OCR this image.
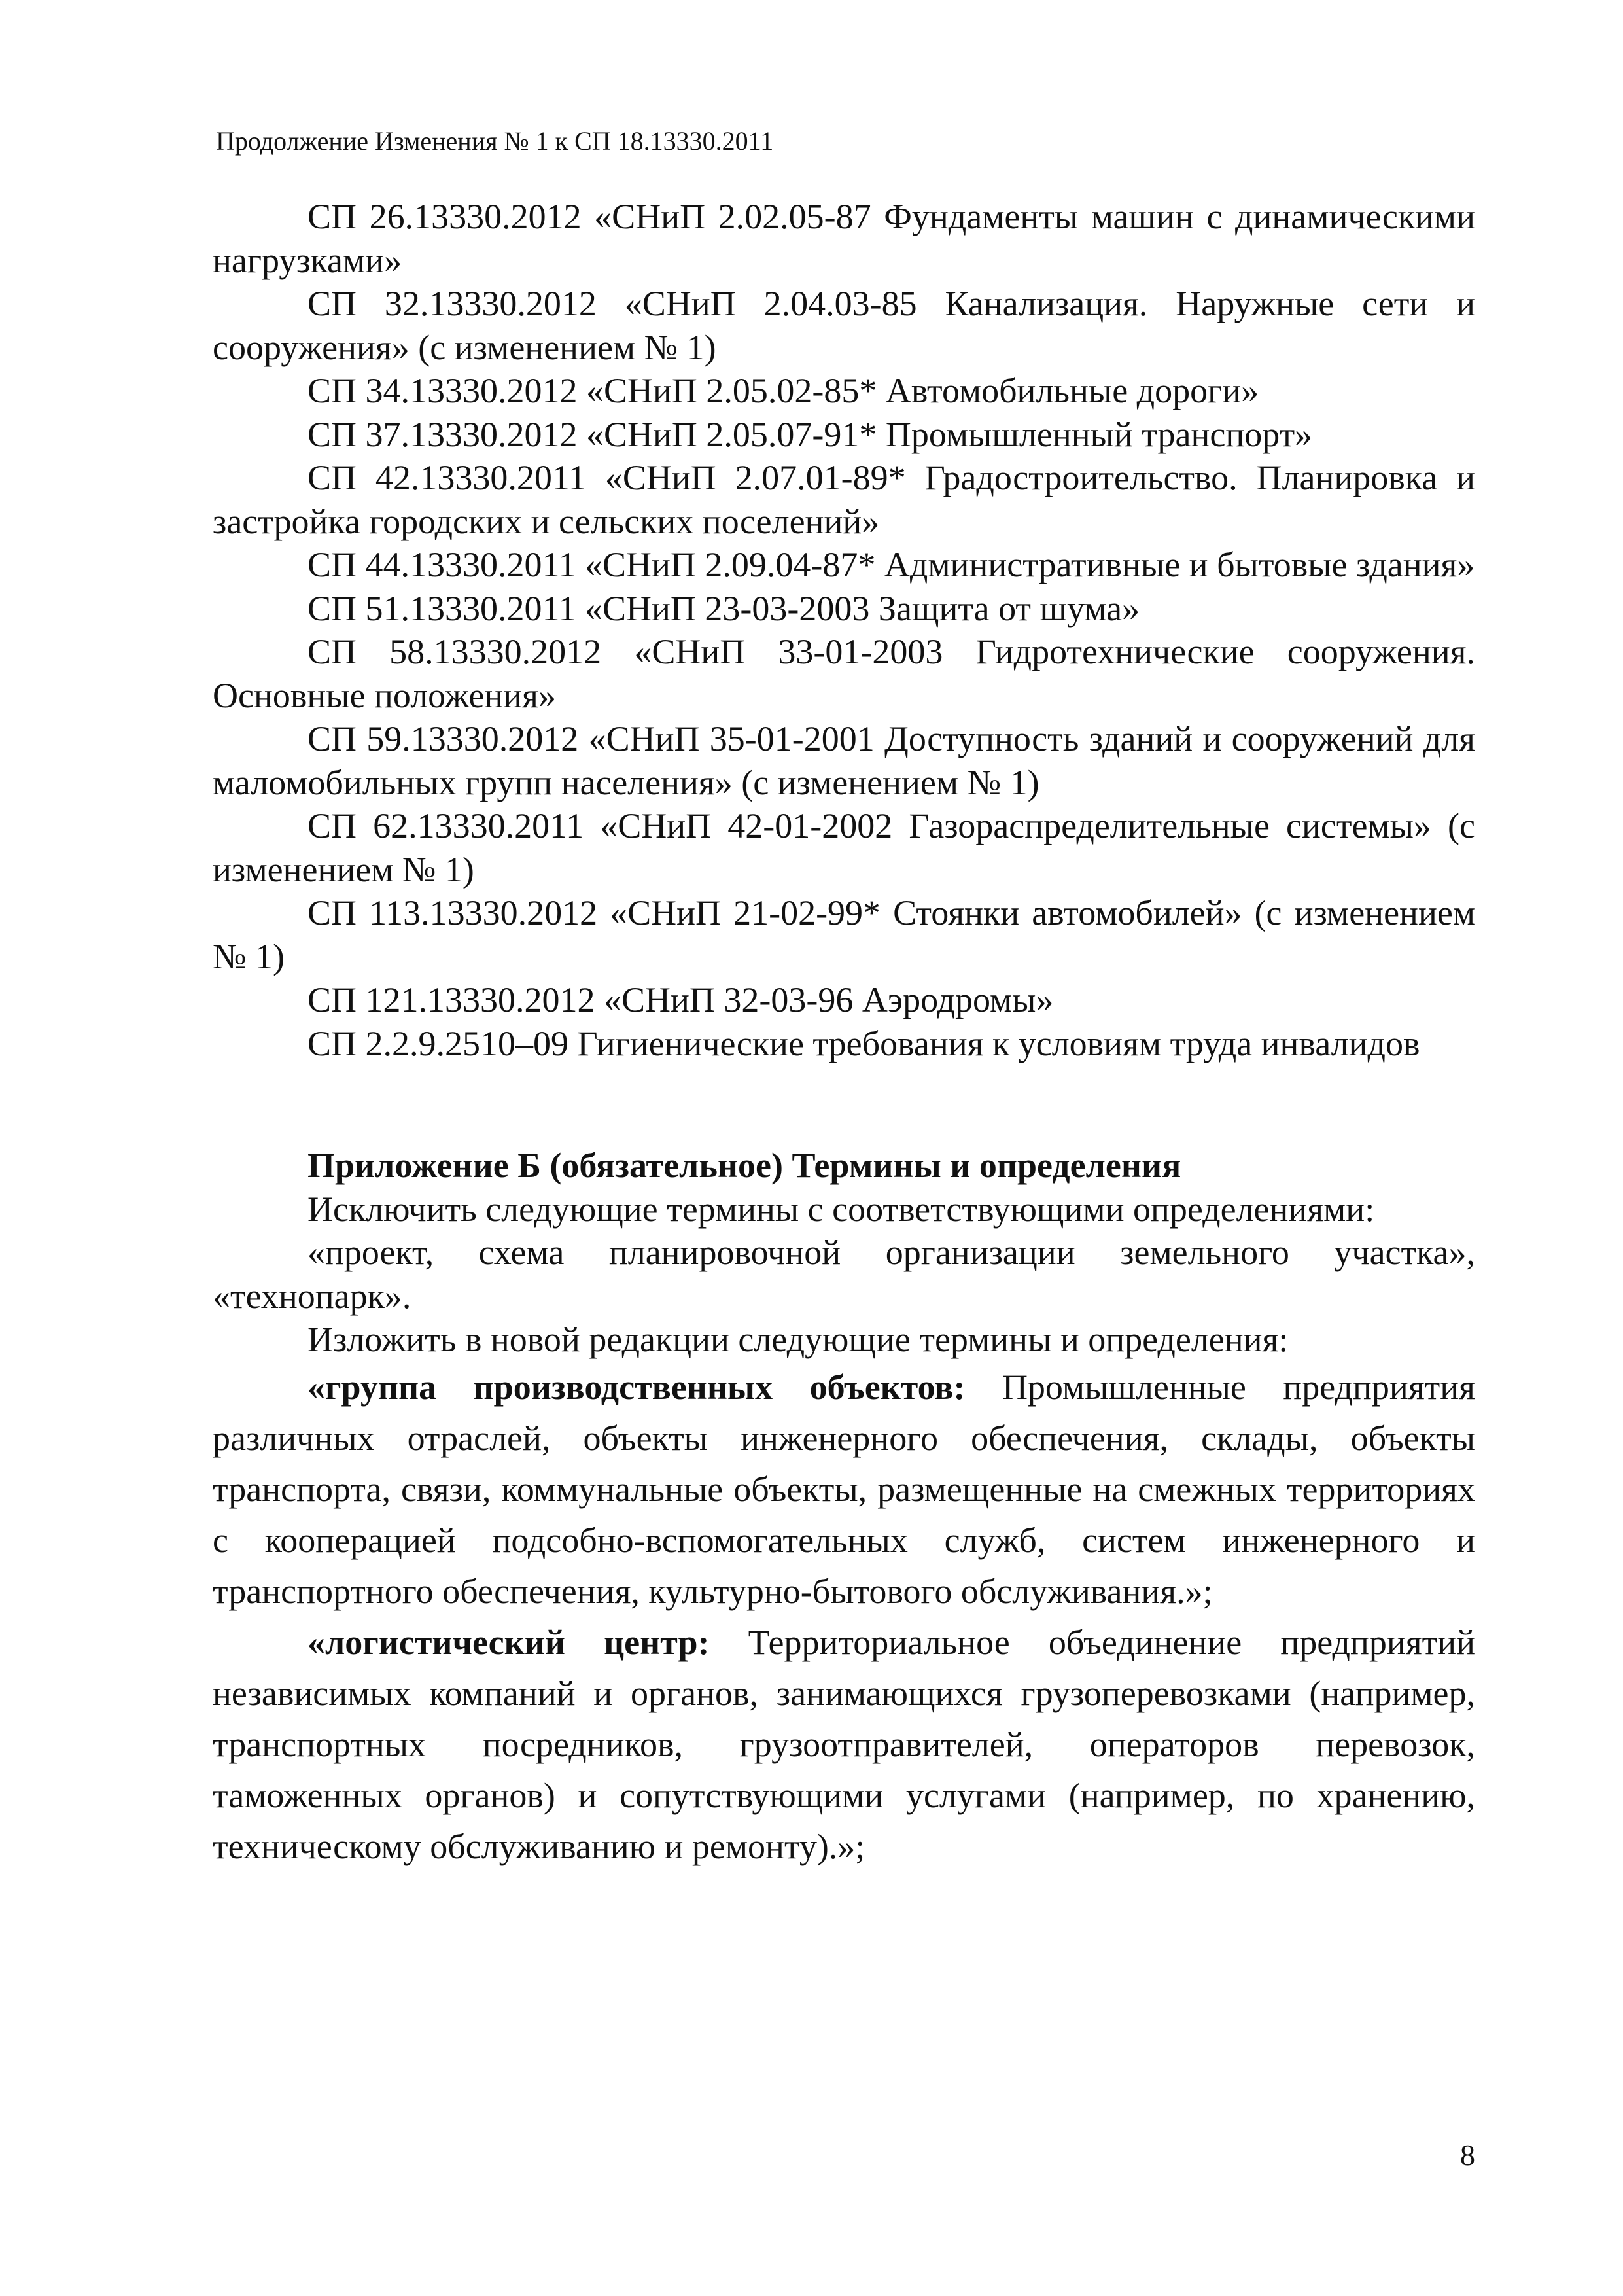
Продолжение Изменения № 1 к СП 18.13330.2011

СП 26.13330.2012 «СНиП 2.02.05-87 Фундаменты машин с динамическими нагрузками»

СП 32.13330.2012 «СНиП 2.04.03-85 Канализация. Наружные сети и сооружения» (с изменением № 1)

СП 34.13330.2012 «СНиП 2.05.02-85* Автомобильные дороги»

СП 37.13330.2012 «СНиП 2.05.07-91* Промышленный транспорт»

СП 42.13330.2011 «СНиП 2.07.01-89* Градостроительство. Планировка и застройка городских и сельских поселений»

СП 44.13330.2011 «СНиП 2.09.04-87* Административные и бытовые здания»

СП 51.13330.2011 «СНиП 23-03-2003 Защита от шума»

СП 58.13330.2012 «СНиП 33-01-2003 Гидротехнические сооружения. Основные положения»

СП 59.13330.2012 «СНиП 35-01-2001 Доступность зданий и сооружений для маломобильных групп населения» (с изменением № 1)

СП 62.13330.2011 «СНиП 42-01-2002 Газораспределительные системы» (с изменением № 1)

СП 113.13330.2012 «СНиП 21-02-99* Стоянки автомобилей» (с изменением № 1)

СП 121.13330.2012 «СНиП 32-03-96 Аэродромы»

СП 2.2.9.2510–09 Гигиенические требования к условиям труда инвалидов

Приложение Б (обязательное) Термины и определения

Исключить следующие термины с соответствующими определениями:

«проект, схема планировочной организации земельного участка», «технопарк».

Изложить в новой редакции следующие термины и определения:

«группа производственных объектов: Промышленные предприятия различных отраслей, объекты инженерного обеспечения, склады, объекты транспорта, связи, коммунальные объекты, размещенные на смежных территориях с кооперацией подсобно-вспомогательных служб, систем инженерного и транспортного обеспечения, культурно-бытового обслуживания.»;

«логистический центр: Территориальное объединение предприятий независимых компаний и органов, занимающихся грузоперевозками (например, транспортных посредников, грузоотправителей, операторов перевозок, таможенных органов) и сопутствующими услугами (например, по хранению, техническому обслуживанию и ремонту).»;

8
